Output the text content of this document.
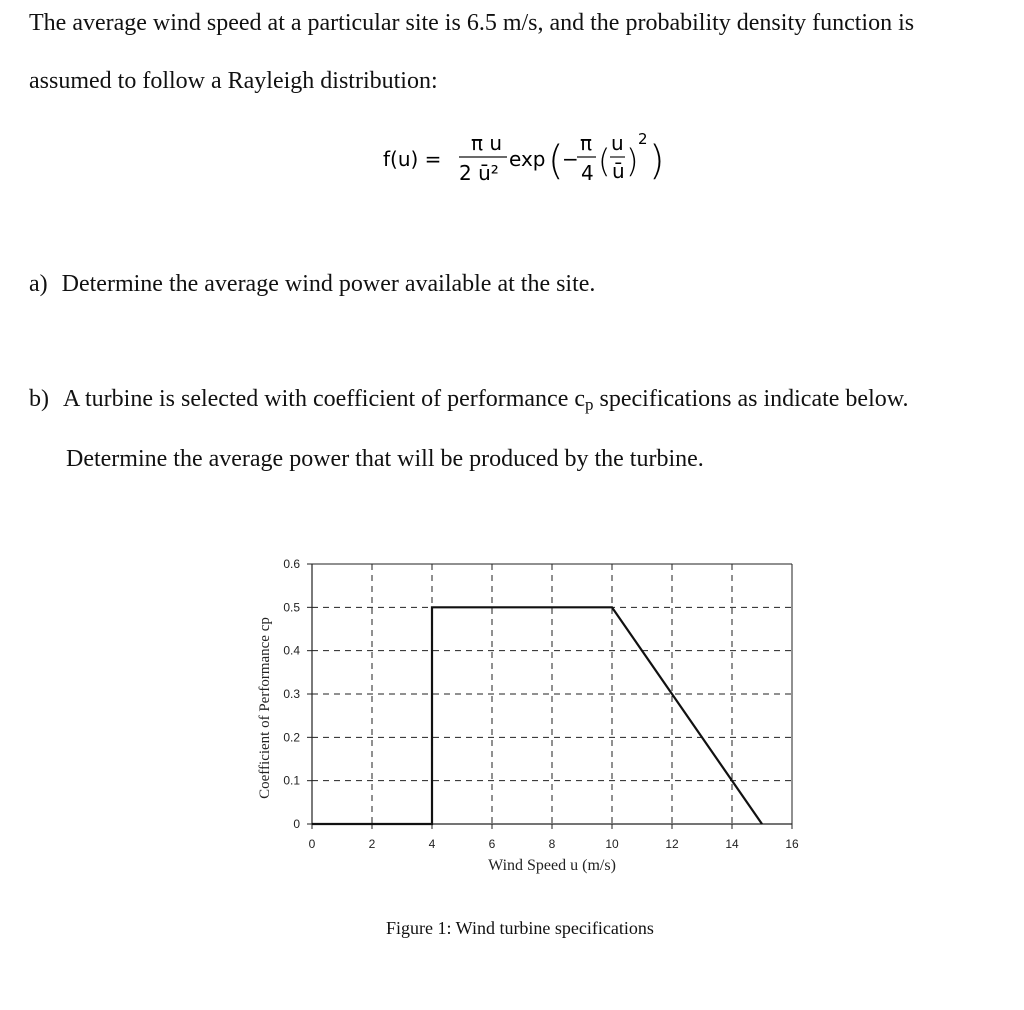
The average wind speed at a particular site is 6.5 m/s, and the probability density function is
assumed to follow a Rayleigh distribution:
f(u) =
π u
2 ū²
exp (
−
π
4 ( u
ū )
2 )
a) Determine the average wind power available at the site.
b) A turbine is selected with coefficient of performance $c_p$ specifications as indicate below.
Determine the average power that will be produced by the turbine.
0
0.1
0.2
0.3
0.4
0.5
0.6
0	2	4	6	8	10	12	14	16
Wind Speed u (m/s)
Coefficient of Performance cp
Figure 1: Wind turbine specifications
